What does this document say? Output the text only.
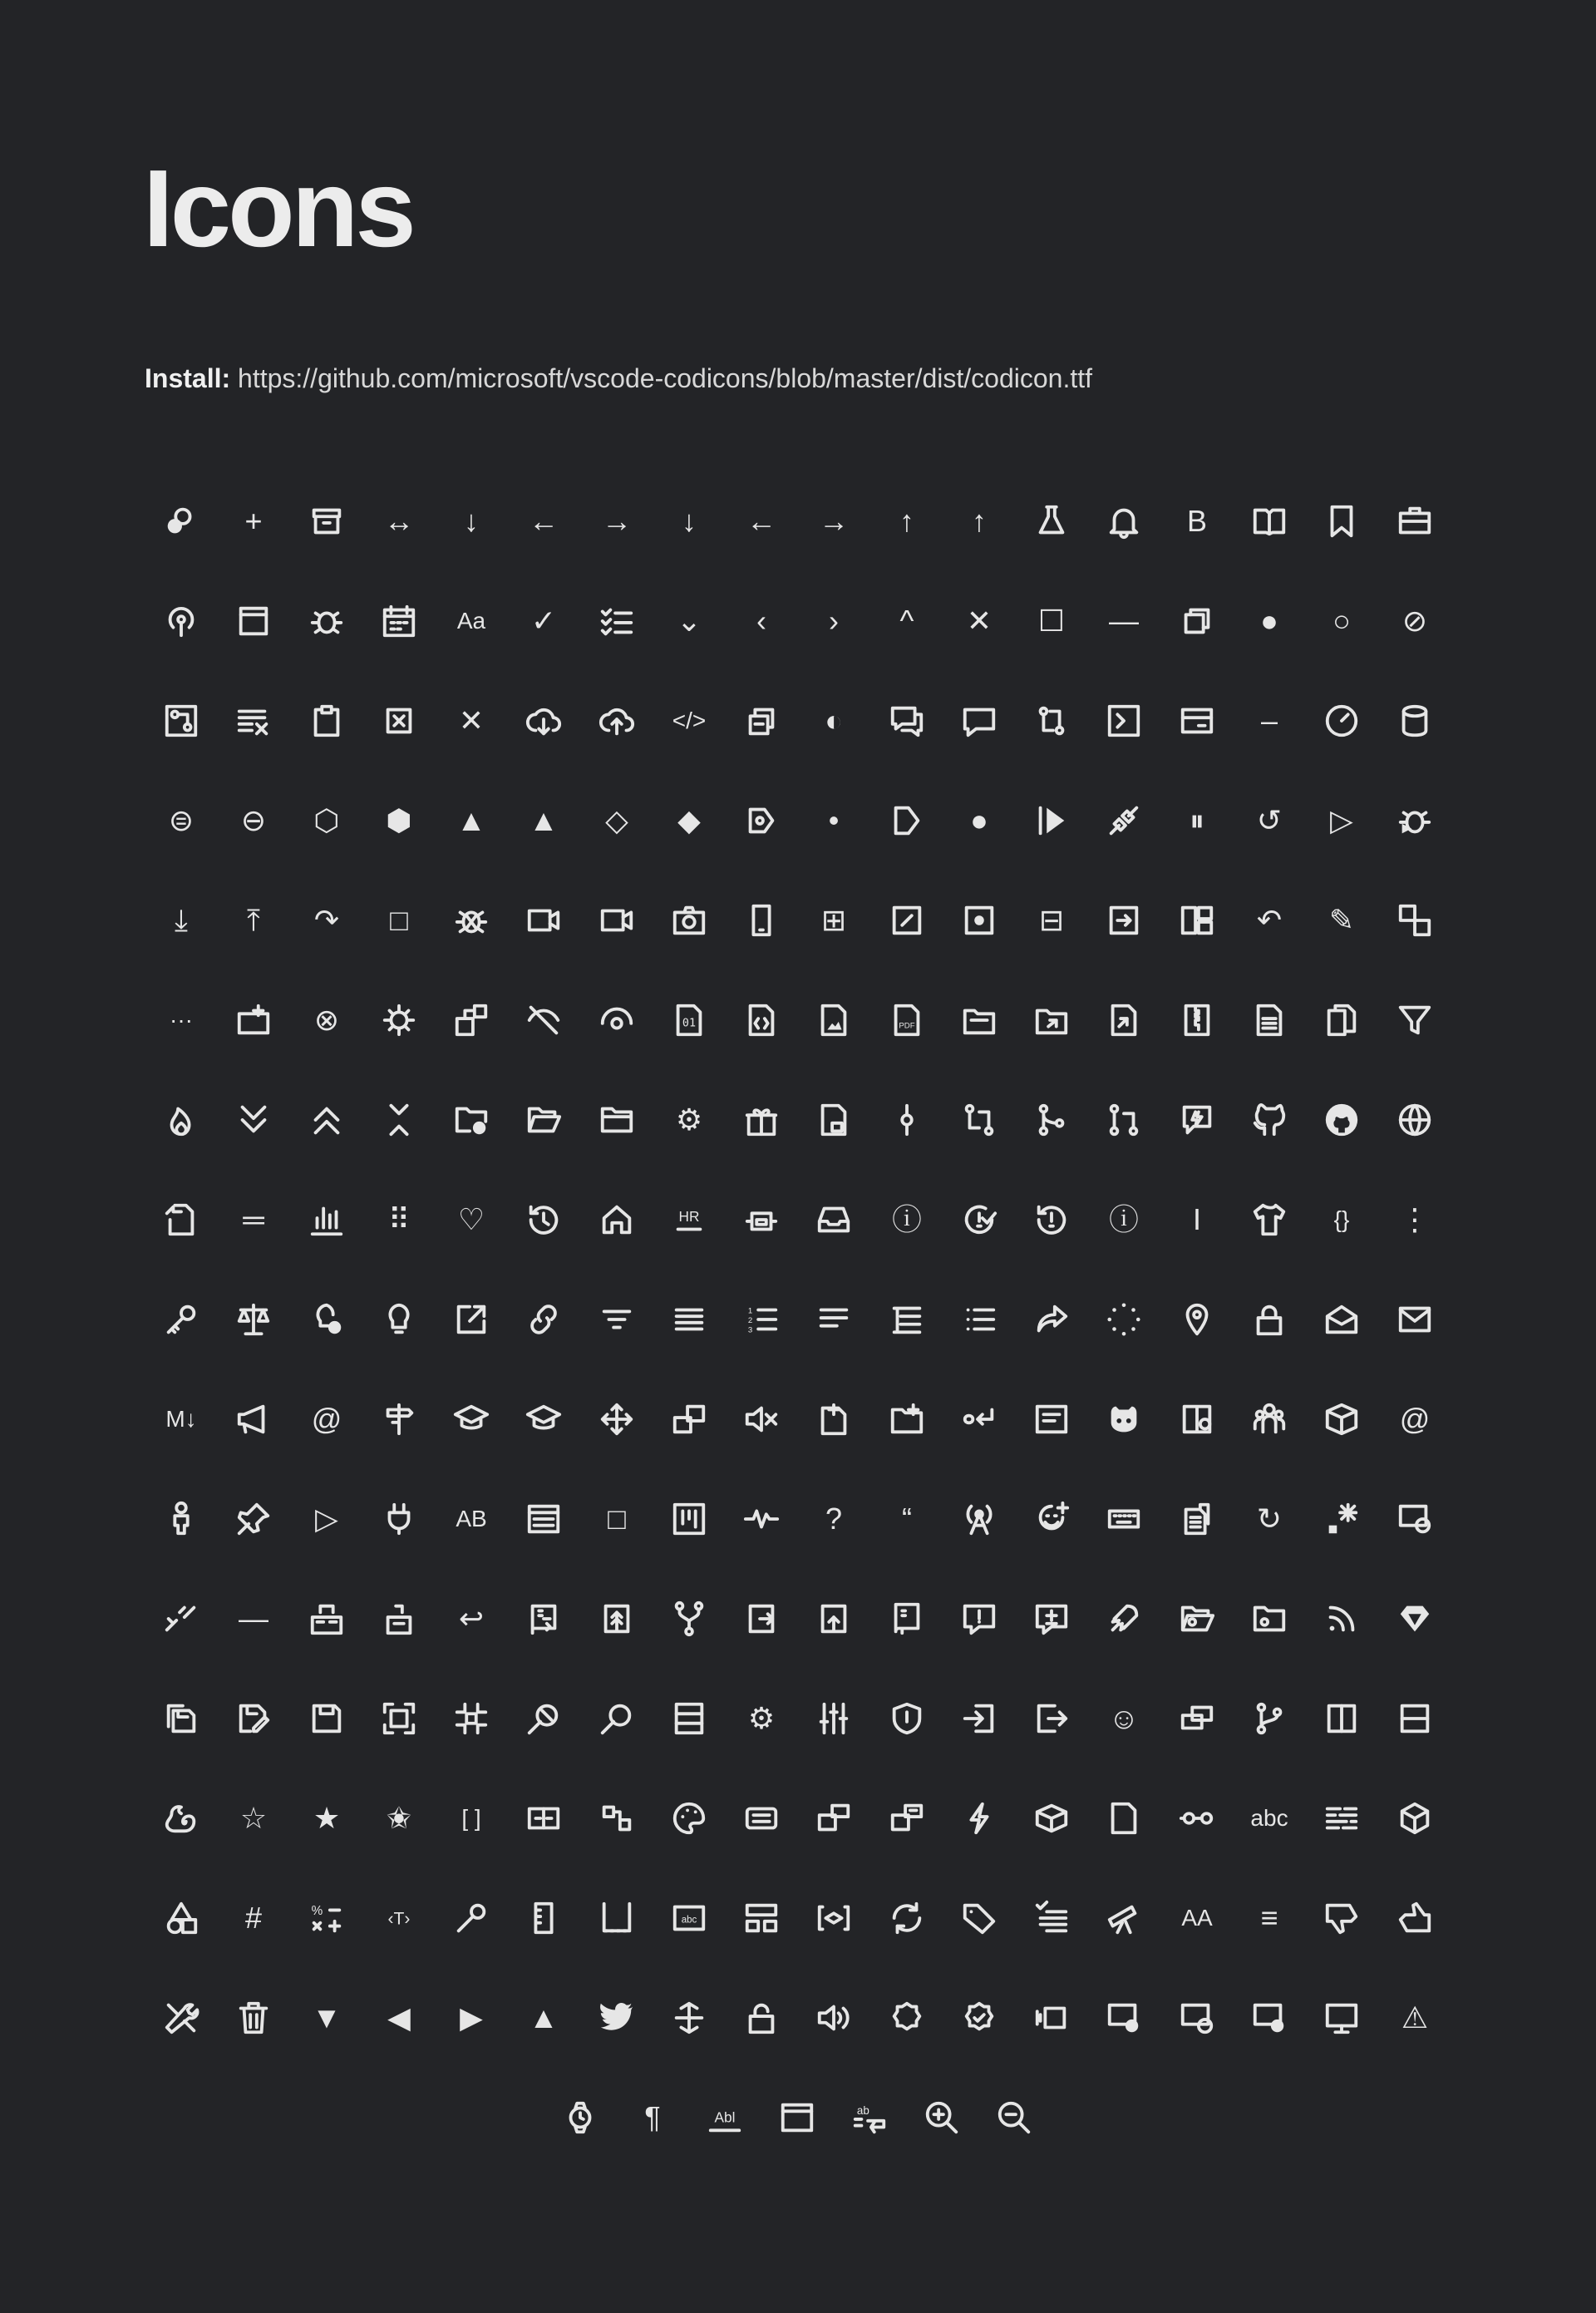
Icons

Install: https://github.com/microsoft/vscode-codicons/blob/master/dist/codicon.ttf

+	↔ ↓ ← → ↓ ← → ↑ ↑	B
Aa ✓	⌄ ‹ › ^ ✕ ☐ —	● ○ ⊘
✕	</>	◐	–
⊜ ⊖ ⬡ ⬢ ▲ ▲ ◇ ◆	•	●	⏸ ↺ ▷
⤓ ⤒ ↷ □	⊞	⊟	↶ ✎
···	⊗	01	PDF
⚙
═	⠿ ♡	HR	ⓘ	ⓘ I	{} ⋮
1
2
3
M↓	@	@
▷	AB	□	? “	↻
—	↩
⚙	☺
☆ ★ ✬ [ ]	abc
#	%	‹T›	abc	AA ≡
▼ ◀ ▶ ▲	⚠
¶	Abl	ab
